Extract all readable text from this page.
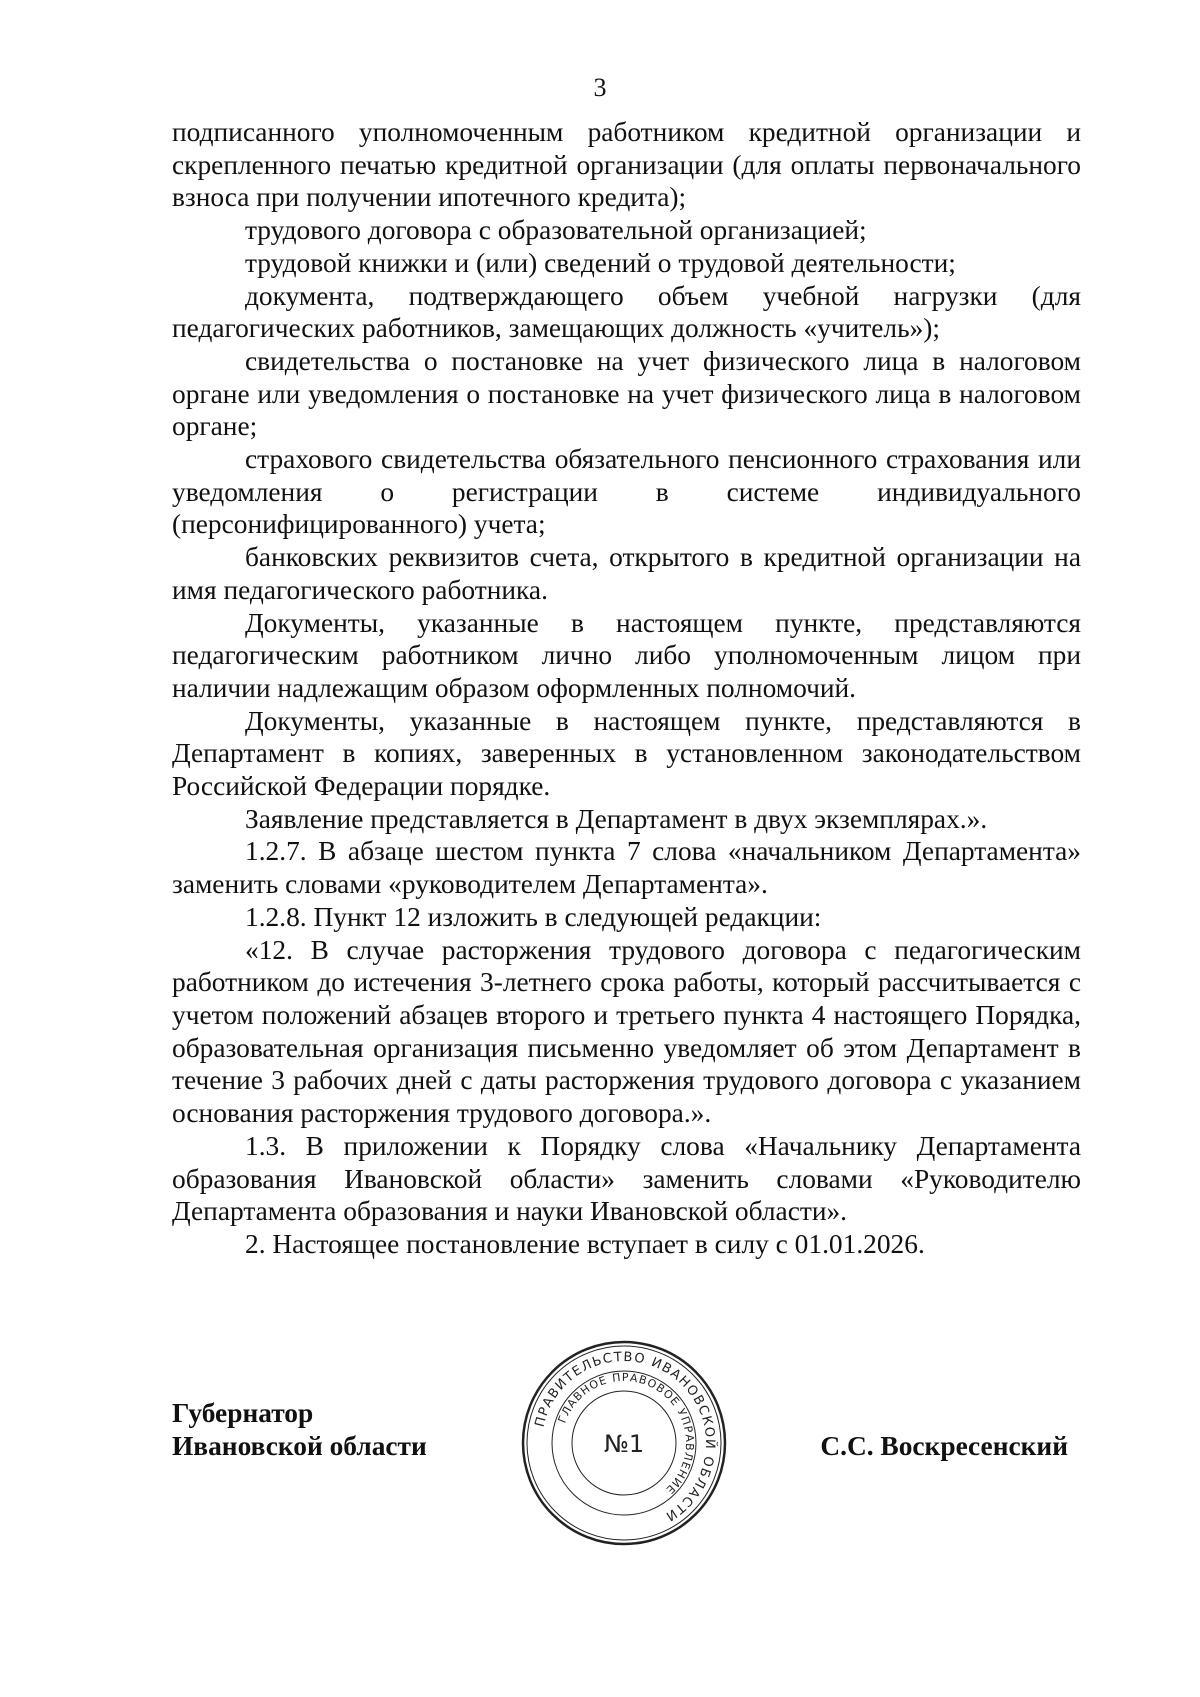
3

подписанного уполномоченным работником кредитной организации и скрепленного печатью кредитной организации (для оплаты первоначального взноса при получении ипотечного кредита);

трудового договора с образовательной организацией;

трудовой книжки и (или) сведений о трудовой деятельности;

документа, подтверждающего объем учебной нагрузки (для педагогических работников, замещающих должность «учитель»);

свидетельства о постановке на учет физического лица в налоговом органе или уведомления о постановке на учет физического лица в налоговом органе;

страхового свидетельства обязательного пенсионного страхования или уведомления о регистрации в системе индивидуального (персонифицированного) учета;

банковских реквизитов счета, открытого в кредитной организации на имя педагогического работника.

Документы, указанные в настоящем пункте, представляются педагогическим работником лично либо уполномоченным лицом при наличии надлежащим образом оформленных полномочий.

Документы, указанные в настоящем пункте, представляются в Департамент в копиях, заверенных в установленном законодательством Российской Федерации порядке.

Заявление представляется в Департамент в двух экземплярах.».

1.2.7. В абзаце шестом пункта 7 слова «начальником Департамента» заменить словами «руководителем Департамента».

1.2.8. Пункт 12 изложить в следующей редакции:

«12. В случае расторжения трудового договора с педагогическим работником до истечения 3-летнего срока работы, который рассчитывается с учетом положений абзацев второго и третьего пункта 4 настоящего Порядка, образовательная организация письменно уведомляет об этом Департамент в течение 3 рабочих дней с даты расторжения трудового договора с указанием основания расторжения трудового договора.».

1.3. В приложении к Порядку слова «Начальнику Департамента образования Ивановской области» заменить словами «Руководителю Департамента образования и науки Ивановской области».

2. Настоящее постановление вступает в силу с 01.01.2026.

Губернатор
Ивановской области	С.С. Воскресенский
ПРАВИТЕЛЬСТВО ИВАНОВСКОЙ ОБЛАСТИ
ГЛАВНОЕ ПРАВОВОЕ УПРАВЛЕНИЕ
№1
